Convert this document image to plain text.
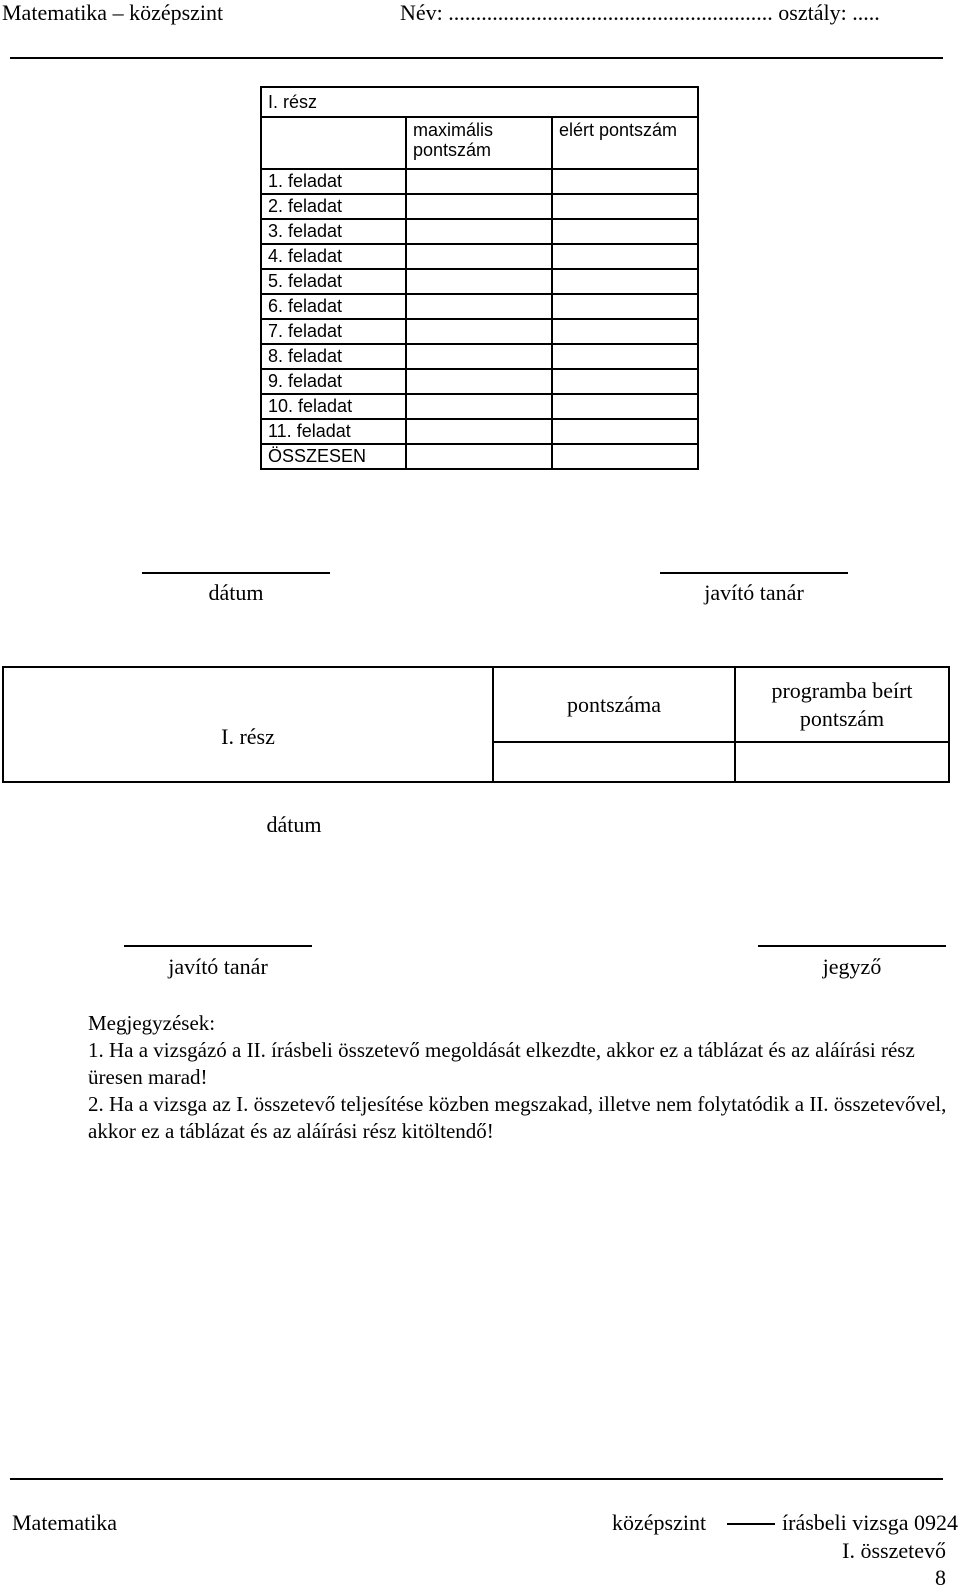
Matematika – középszint	Név: ........................................................... osztály: .....
I. rész		
	maximális pontszám	elért pontszám
1. feladat		
2. feladat		
3. feladat		
4. feladat		
5. feladat		
6. feladat		
7. feladat		
8. feladat		
9. feladat		
10. feladat		
11. feladat		
ÖSSZESEN		
dátum	javító tanár
I. rész	pontszáma	programba beírt pontszám

dátum
javító tanár	jegyző
Megjegyzések:
1. Ha a vizsgázó a II. írásbeli összetevő megoldását elkezdte, akkor ez a táblázat és az aláírási rész üresen marad!
2. Ha a vizsga az I. összetevő teljesítése közben megszakad, illetve nem folytatódik a II. összetevővel, akkor ez a táblázat és az aláírási rész kitöltendő!
Matematika	középszint	írásbeli vizsga 0924
I. összetevő
8
